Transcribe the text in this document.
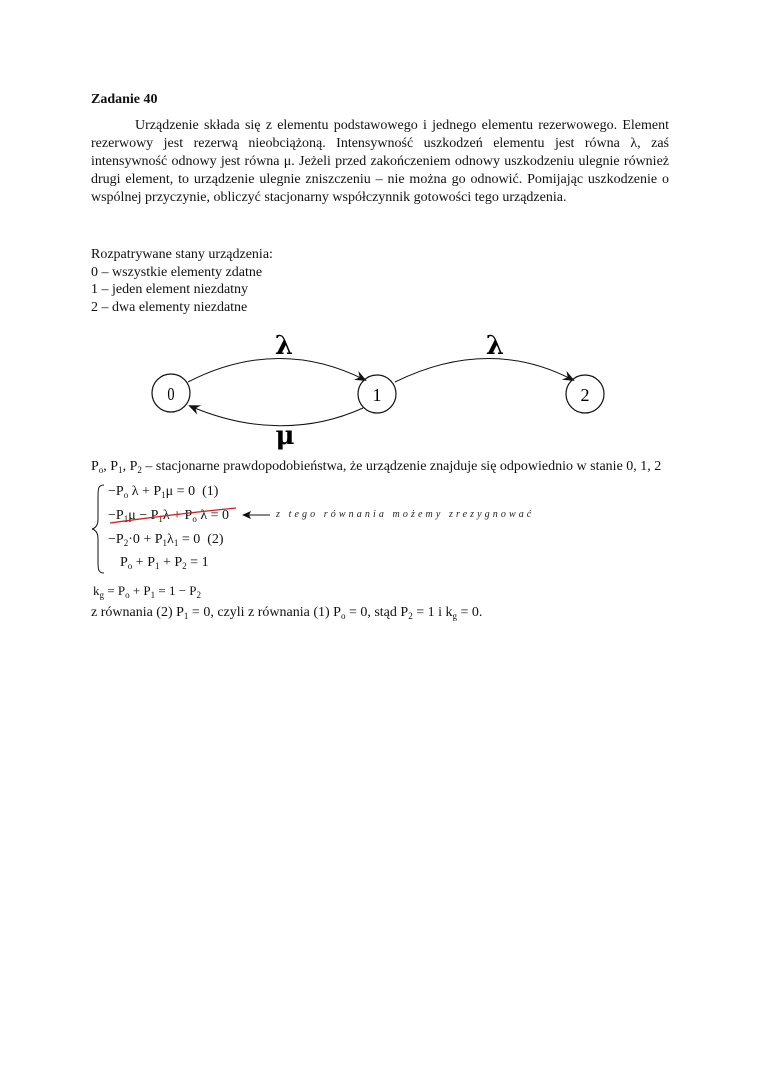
Zadanie 40
Urządzenie składa się z elementu podstawowego i jednego elementu rezerwowego. Element rezerwowy jest rezerwą nieobciążoną. Intensywność uszkodzeń elementu jest równa λ, zaś intensywność odnowy jest równa μ. Jeżeli przed zakończeniem odnowy uszkodzeniu ulegnie również drugi element, to urządzenie ulegnie zniszczeniu – nie można go odnowić. Pomijając uszkodzenie o wspólnej przyczynie, obliczyć stacjonarny współczynnik gotowości tego urządzenia.
Rozpatrywane stany urządzenia:
0 – wszystkie elementy zdatne
1 – jeden element niezdatny
2 – dwa elementy niezdatne
0	1	2
λ	λ
μ
$P_o$, $P_1$, $P_2$ – stacjonarne prawdopodobieństwa, że urządzenie znajduje się odpowiednio w stanie 0, 1, 2
$-P_o$ $\lambda + P_1\mu = 0$  (1)
$-P_1\mu - P_1\lambda + P_o$ λ = 0	z tego równania możemy zrezygnować
$-P_2\cdot 0 + P_1\lambda_1 = 0$  (2)
$P_o + P_1 + P_2 = 1$
$k_g = P_o + P_1 = 1 - P_2$
z równania (2) $P_1 = 0$, czyli z równania (1) $P_o = 0$, stąd $P_2 = 1$ i $k_g = 0$.
